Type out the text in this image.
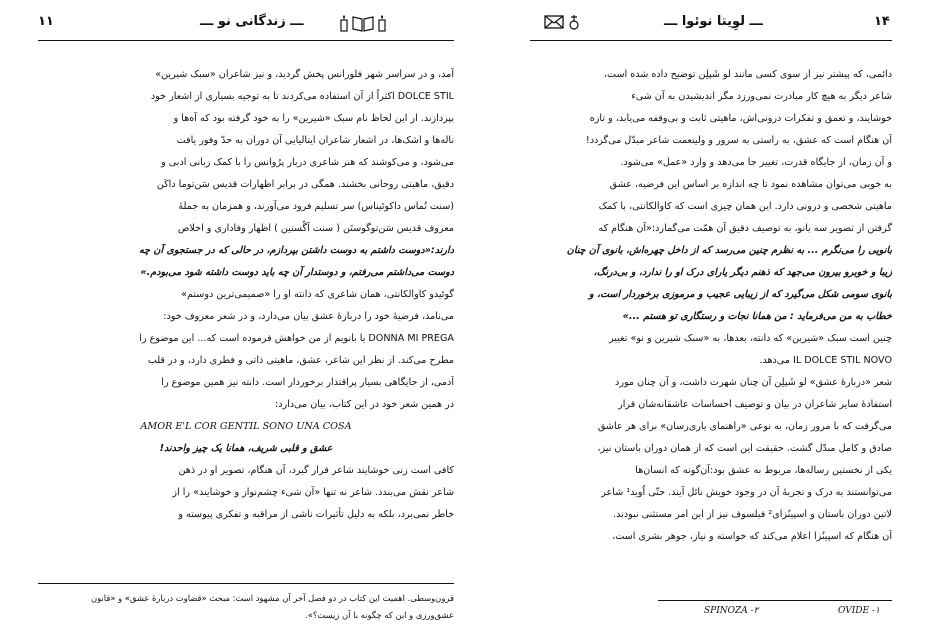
۱۱	ـــ زندگانی نو ـــ
آمد، و در سراسر شهر فلورانس پخش گردید، و نیز شاعران «سبک شیرین»
DOLCE STIL اکثراً از آن استفاده می‌کردند تا به توجیه بسیاری از اشعار خود
بپردازند. از این لحاظ نام سبک «شیرین» را به خود گرفته بود که آه‌ها و
ناله‌ها و اشک‌ها، در اشعار شاعران ایتالیایی آن دوران به حدّ وفور یافت
می‌شود، و می‌کوشند که هنر شاعری دربار پرُوانس را با کمک زبانی ادبی و
دقیق، ماهیتی روحانی بخشند. همگی در برابر اظهارات قدیس سَن‌توما داکَن
(سنت تُماس داکوئیناس) سر تسلیم فرود می‌آورند، و همزمان به جملهٔ
معروف قدیس سَن‌توگوستَن ( سنت آگُستین ) اظهار وفاداری و اخلاص
دارند:«دوست داشتم به دوست داشتن بپردازم، در حالی که در جستجوی آن چه
دوست می‌داشتم می‌رفتم، و دوستدار آن چه باید دوست داشته شود می‌بودم.»
گوئیدو کاوالکانتی، همان شاعری که دانته او را «صمیمی‌ترین دوستم»
می‌نامد، فرضیهٔ خود را دربارهٔ عشق بیان می‌دارد، و در شعر معروف خود:
DONNA MI PREGA یا بانویم از من خواهش فرموده است که... این موضوع را
مطرح می‌کند. از نظر این شاعر، عشق، ماهیتی ذاتی و فطری دارد، و در قلب
آدمی، از جایگاهی بسیار پراقتدار برخوردار است. دانته نیز همین موضوع را
در همین شعر خود در این کتاب، بیان می‌دارد:
AMOR E'L COR GENTIL SONO UNA COSA
عشق و قلبی شریف، همانا یک چیز واحدند!
کافی است زنی خوشایند شاعر قرار گیرد، آن هنگام، تصویر او در ذهن
شاعر نقش می‌بندد. شاعر نه تنها «آن شیء چشم‌نواز و خوشایند» را از
خاطر نمی‌برد، بلکه به دلیل تأثیرات ناشی از مراقبه و تفکری پیوسته و
قرون‌وسطی. اهمیت این کتاب در دو فصل آخر آن مشهود است: مبحث «قضاوت دربارهٔ عشق» و «قانون
عشق‌ورزی و این که چگونه با آن زیست؟».
ـــ لوِیتا نوئوا ـــ	۱۴
دائمی، که پیشتر نیز از سوی کسی مانند لو شَپلِن توضیح داده شده است،
شاعر دیگر به هیچ کار مبادرت نمی‌ورزد مگر اندیشیدن به آن شیء
خوشایند، و تعمق و تفکرات درونی‌اش، ماهیتی ثابت و بی‌وقفه می‌یابد، و تازه
آن هنگام است که عشق، به راستی به سرور و ولینعمت شاعر مبدّل می‌گردد!
و آن زمان، از جایگاه قدرت، تغییر جا می‌دهد و وارد «عمل» می‌شود.
به خوبی می‌توان مشاهده نمود تا چه اندازه بر اساس این فرضیه، عشق
ماهیتی شخصی و درونی دارد. این همان چیزی است که کاوالکانتی، با کمک
گرفتن از تصویر سه بانو، به توصیف دقیق آن همّت می‌گمارد:«آن هنگام که
بانویی را می‌نگرم ... به نظرم چنین می‌رسد که از داخل چهره‌اش، بانوی آن چنان
زیبا و خوبرو بیرون می‌جهد که ذهنم دیگر یارای درک او را ندارد، و بی‌درنگ،
بانوی سومی شکل می‌گیرد که از زیبایی عجیب و مرموزی برخوردار است، و
خطاب به من می‌فرماید : من همانا نجات و رستگاری تو هستم ...»
چنین است سبک «شیرین» که دانته، بعدها، به «سبک شیرین و نو» تغییر
IL DOLCE STIL NOVO می‌دهد.
شعر «دربارهٔ عشق» لو شَپلِن آن چنان شهرت داشت، و آن چنان مورد
استفادهٔ سایر شاعران در بیان و توصیف احساسات عاشقانه‌شان قرار
می‌گرفت که با مرور زمان، به نوعی «راهنمای یاری‌رسان» برای هر عاشق
صادق و کامل مبدّل گشت. حقیقت این است که از همان دوران باستان نیز،
یکی از نخستین رساله‌ها، مربوط به عشق بود:آن‌گونه که انسان‌ها
می‌توانستند به درک و تجربهٔ آن در وجود خویش نائل آیند. حتّی اُوید¹ شاعر
لاتین دوران باستان و اسپینُزای² فیلسوف نیز از این امر مستثنی نبودند.
آن هنگام که اسپینُزا اعلام می‌کند که خواسته و نیاز، جوهر بشری است،
OVIDE -۱
SPINOZA -۲
